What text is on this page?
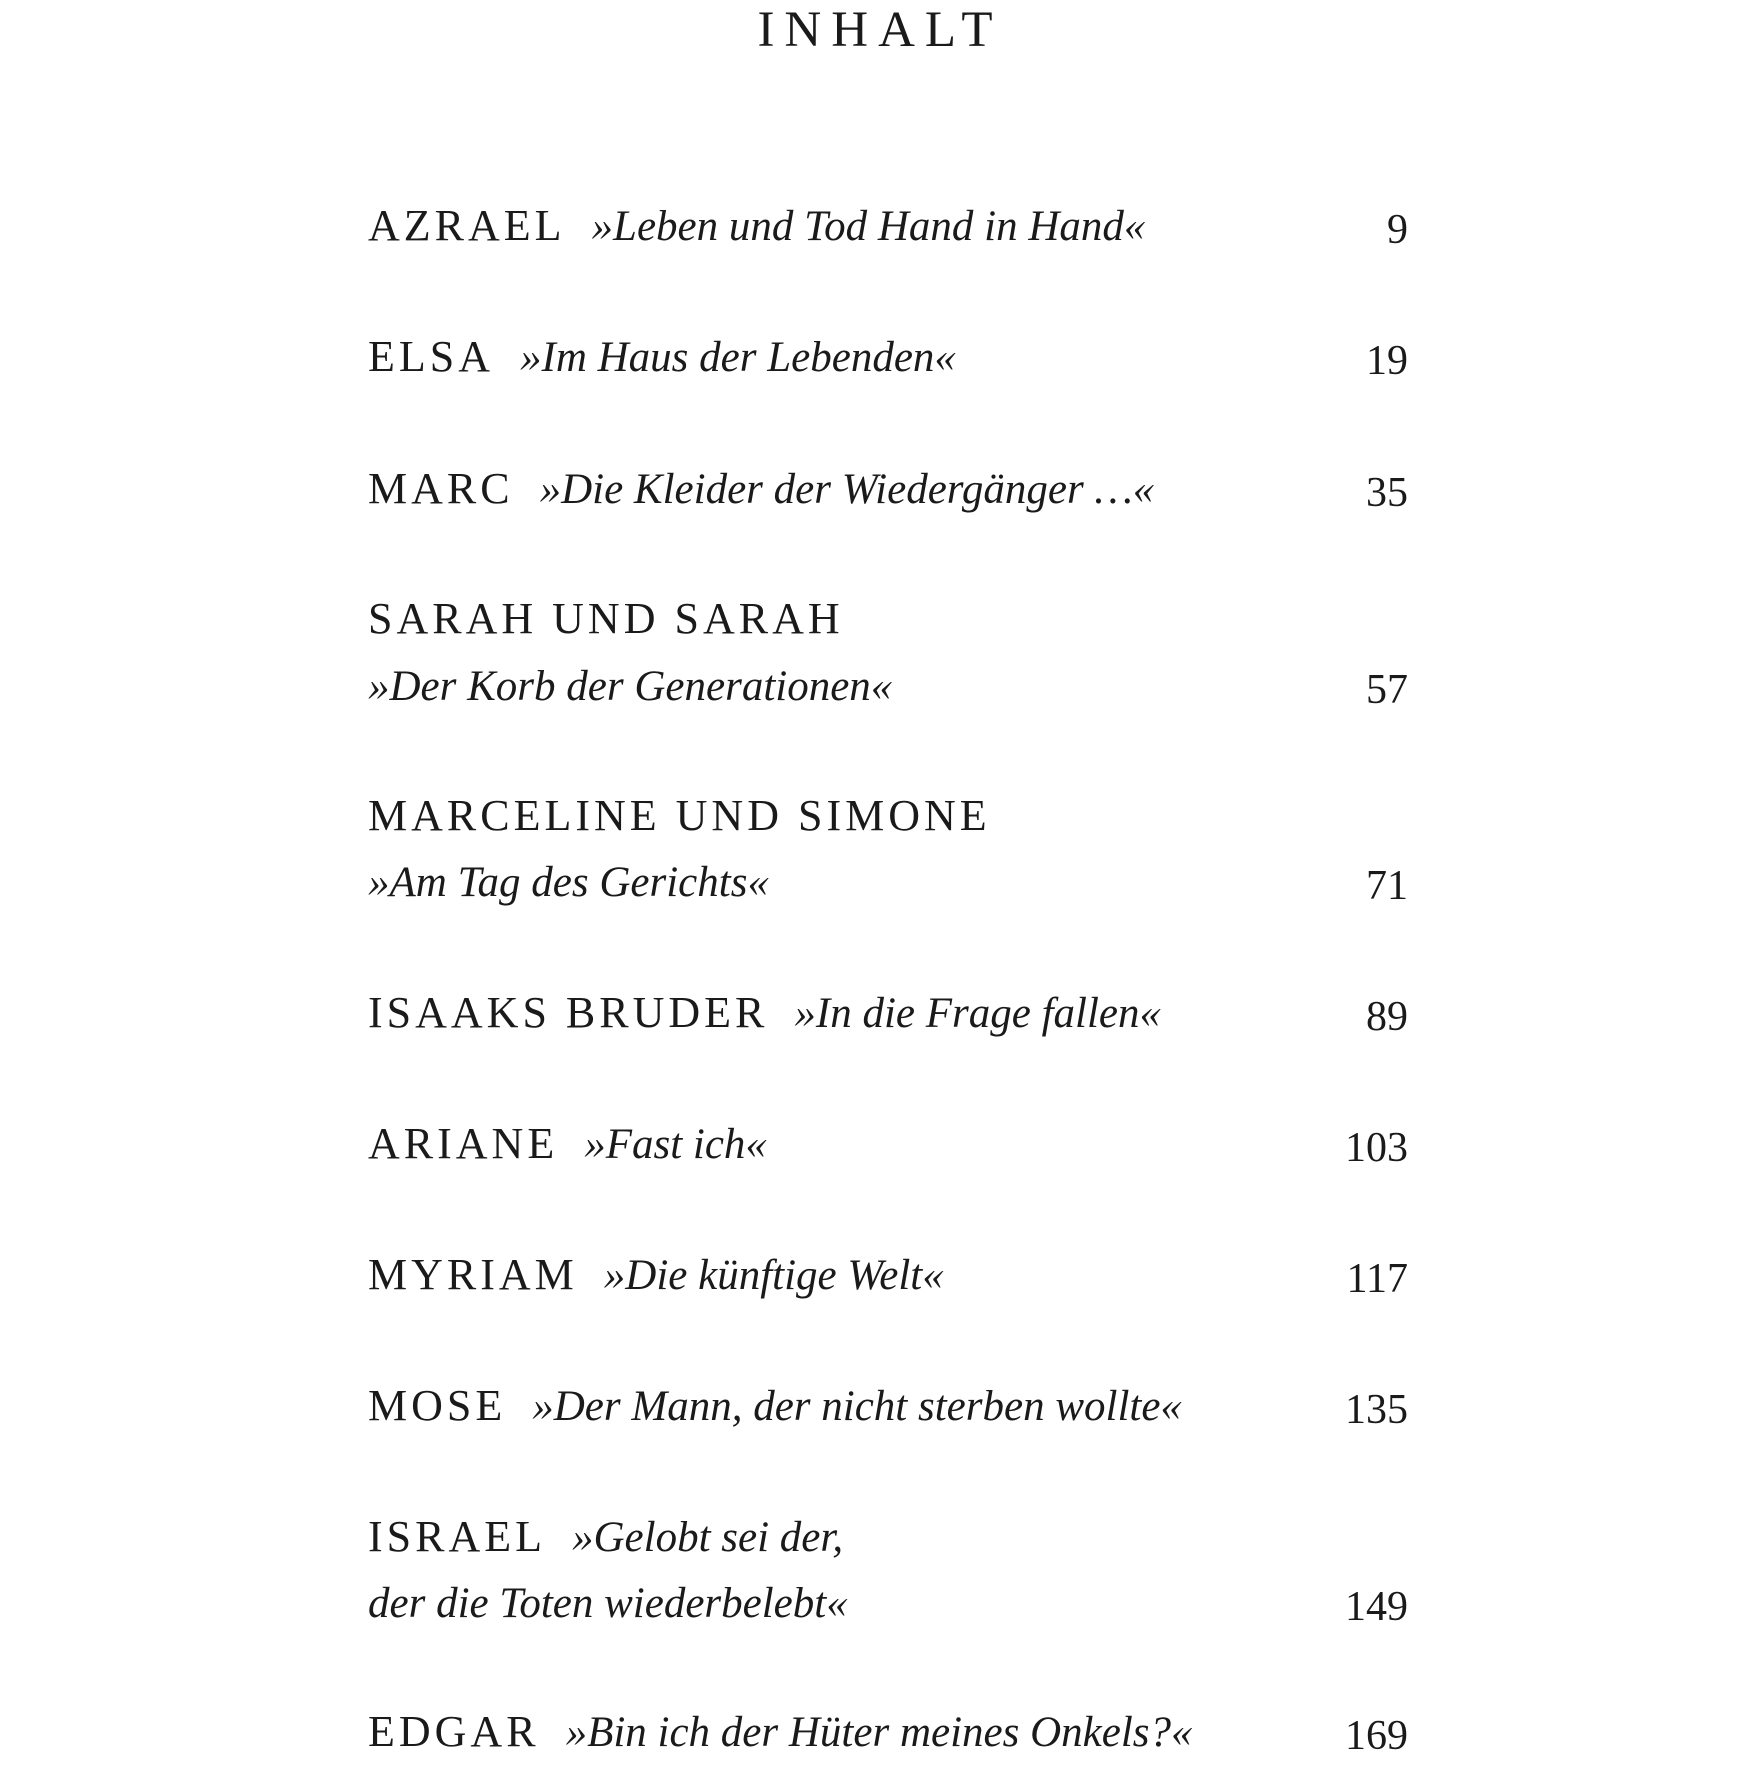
INHALT
AZRAEL »Leben und Tod Hand in Hand«	9
ELSA »Im Haus der Lebenden«	19
MARC »Die Kleider der Wiedergänger …«	35
SARAH UND SARAH
»Der Korb der Generationen«	57
MARCELINE UND SIMONE
»Am Tag des Gerichts«	71
ISAAKS BRUDER »In die Frage fallen«	89
ARIANE »Fast ich«	103
MYRIAM »Die künftige Welt«	117
MOSE »Der Mann, der nicht sterben wollte«	135
ISRAEL »Gelobt sei der,
der die Toten wiederbelebt«	149
EDGAR »Bin ich der Hüter meines Onkels?«	169
